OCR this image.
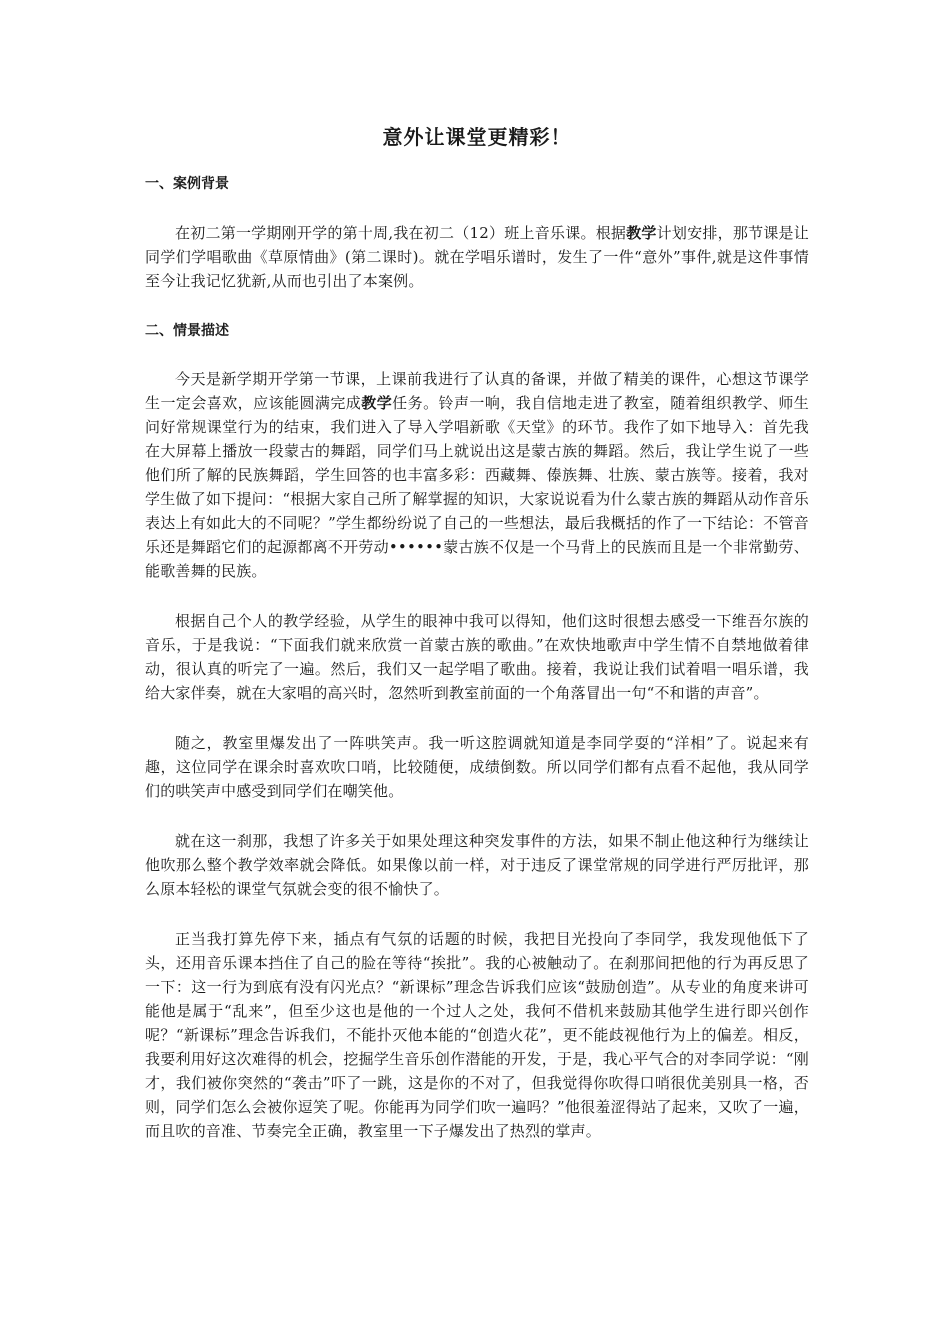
意外让课堂更精彩！
一、案例背景

在初二第一学期刚开学的第十周,我在初二（12）班上音乐课。根据教学计划安排，那节课是让同学们学唱歌曲《草原情曲》(第二课时)。就在学唱乐谱时，发生了一件“意外”事件,就是这件事情至今让我记忆犹新,从而也引出了本案例。

二、情景描述

今天是新学期开学第一节课，上课前我进行了认真的备课，并做了精美的课件，心想这节课学生一定会喜欢，应该能圆满完成教学任务。铃声一响，我自信地走进了教室，随着组织教学、师生问好常规课堂行为的结束，我们进入了导入学唱新歌《天堂》的环节。我作了如下地导入：首先我在大屏幕上播放一段蒙古的舞蹈，同学们马上就说出这是蒙古族的舞蹈。然后，我让学生说了一些他们所了解的民族舞蹈，学生回答的也丰富多彩：西藏舞、傣族舞、壮族、蒙古族等。接着，我对学生做了如下提问：“根据大家自己所了解掌握的知识，大家说说看为什么蒙古族的舞蹈从动作音乐表达上有如此大的不同呢？”学生都纷纷说了自己的一些想法，最后我概括的作了一下结论：不管音乐还是舞蹈它们的起源都离不开劳动••••••蒙古族不仅是一个马背上的民族而且是一个非常勤劳、能歌善舞的民族。

根据自己个人的教学经验，从学生的眼神中我可以得知，他们这时很想去感受一下维吾尔族的音乐，于是我说：“下面我们就来欣赏一首蒙古族的歌曲。”在欢快地歌声中学生情不自禁地做着律动，很认真的听完了一遍。然后，我们又一起学唱了歌曲。接着，我说让我们试着唱一唱乐谱，我给大家伴奏，就在大家唱的高兴时，忽然听到教室前面的一个角落冒出一句“不和谐的声音”。

随之，教室里爆发出了一阵哄笑声。我一听这腔调就知道是李同学耍的“洋相”了。说起来有趣，这位同学在课余时喜欢吹口哨，比较随便，成绩倒数。所以同学们都有点看不起他，我从同学们的哄笑声中感受到同学们在嘲笑他。

就在这一刹那，我想了许多关于如果处理这种突发事件的方法，如果不制止他这种行为继续让他吹那么整个教学效率就会降低。如果像以前一样，对于违反了课堂常规的同学进行严厉批评，那么原本轻松的课堂气氛就会变的很不愉快了。

正当我打算先停下来，插点有气氛的话题的时候，我把目光投向了李同学，我发现他低下了头，还用音乐课本挡住了自己的脸在等待“挨批”。我的心被触动了。在刹那间把他的行为再反思了一下：这一行为到底有没有闪光点？“新课标”理念告诉我们应该“鼓励创造”。从专业的角度来讲可能他是属于“乱来”，但至少这也是他的一个过人之处，我何不借机来鼓励其他学生进行即兴创作呢？“新课标”理念告诉我们，不能扑灭他本能的“创造火花”，更不能歧视他行为上的偏差。相反，我要利用好这次难得的机会，挖掘学生音乐创作潜能的开发，于是，我心平气合的对李同学说：“刚才，我们被你突然的“袭击”吓了一跳，这是你的不对了，但我觉得你吹得口哨很优美别具一格，否则，同学们怎么会被你逗笑了呢。你能再为同学们吹一遍吗？”他很羞涩得站了起来，又吹了一遍，而且吹的音准、节奏完全正确，教室里一下子爆发出了热烈的掌声。
